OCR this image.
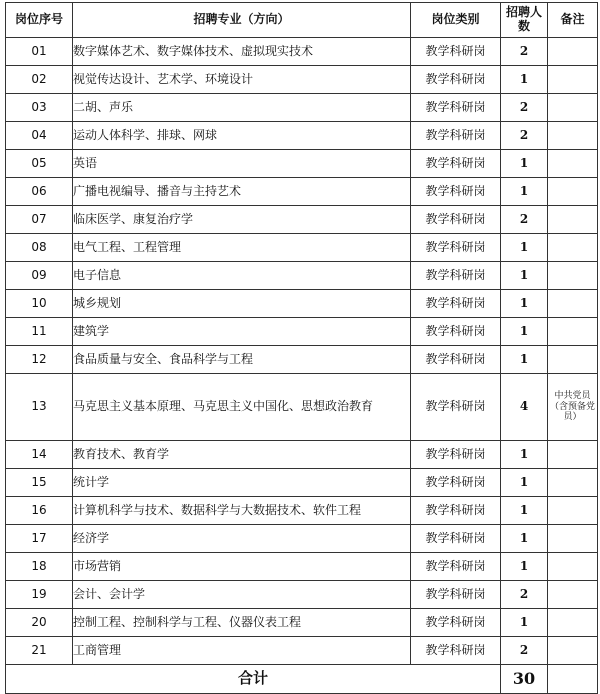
岗位序号	招聘专业（方向）	岗位类别	招聘人数	备注
01	数字媒体艺术、数字媒体技术、虚拟现实技术	教学科研岗	2	
02	视觉传达设计、艺术学、环境设计	教学科研岗	1	
03	二胡、声乐	教学科研岗	2	
04	运动人体科学、排球、网球	教学科研岗	2	
05	英语	教学科研岗	1	
06	广播电视编导、播音与主持艺术	教学科研岗	1	
07	临床医学、康复治疗学	教学科研岗	2	
08	电气工程、工程管理	教学科研岗	1	
09	电子信息	教学科研岗	1	
10	城乡规划	教学科研岗	1	
11	建筑学	教学科研岗	1	
12	食品质量与安全、食品科学与工程	教学科研岗	1	
13	马克思主义基本原理、马克思主义中国化、思想政治教育	教学科研岗	4	中共党员（含预备党员）
14	教育技术、教育学	教学科研岗	1	
15	统计学	教学科研岗	1	
16	计算机科学与技术、数据科学与大数据技术、软件工程	教学科研岗	1	
17	经济学	教学科研岗	1	
18	市场营销	教学科研岗	1	
19	会计、会计学	教学科研岗	2	
20	控制工程、控制科学与工程、仪器仪表工程	教学科研岗	1	
21	工商管理	教学科研岗	2	
合计			30	
